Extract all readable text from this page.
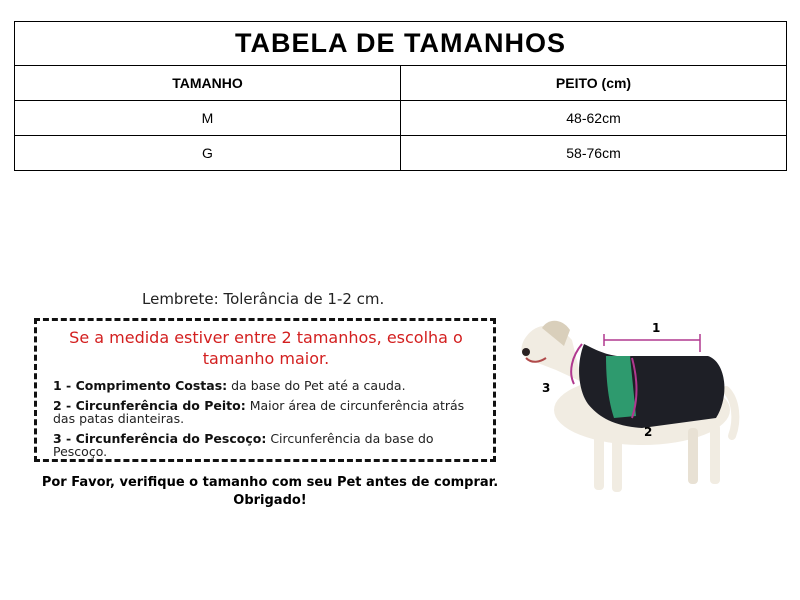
TABELA DE TAMANHOS	
TAMANHO	PEITO (cm)
M	48-62cm
G	58-76cm
Lembrete: Tolerância de 1-2 cm.

Se a medida estiver entre 2 tamanhos, escolha o tamanho maior.

1 - Comprimento Costas: da base do Pet até a cauda.

2 - Circunferência do Peito: Maior área de circunferência atrás das patas dianteiras.

3 - Circunferência do Pescoço: Circunferência da base do Pescoço.

Por Favor, verifique o tamanho com seu Pet antes de comprar.
Obrigado!
1
2
3
